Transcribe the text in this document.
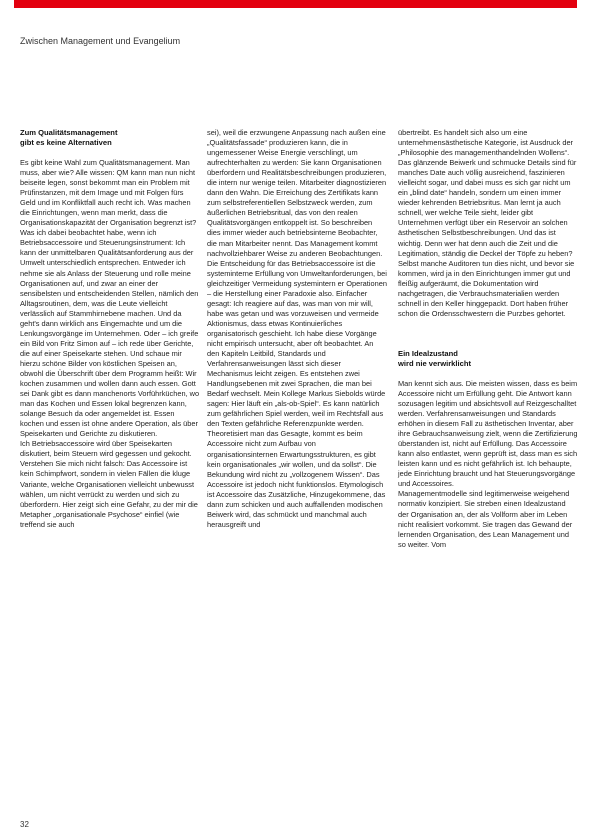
Zwischen Management und Evangelium
Zum Qualitätsmanagement
gibt es keine Alternativen

Es gibt keine Wahl zum Qualitätsmanagement. Man muss, aber wie? Alle wissen: QM kann man nun nicht beiseite legen, sonst bekommt man ein Problem mit Prüfinstanzen, mit dem Image und mit Folgen fürs Geld und im Konfliktfall auch recht ich. Was machen die Einrichtungen, wenn man merkt, dass die Organisationskapazität der Organisation begrenzt ist?

Was ich dabei beobachtet habe, wenn ich Betriebsaccessoire und Steuerungsinstrument: Ich kann der unmittelbaren Qualitätsanforderung aus der Umwelt unterschiedlich entsprechen. Entweder ich nehme sie als Anlass der Steuerung und rolle meine Organisationen auf, und zwar an einer der sensibelsten und entscheidenden Stellen, nämlich den Alltagsroutinen, dem, was die Leute vielleicht verlässlich auf Stammhirnebene machen. Und da geht's dann wirklich ans Eingemachte und um die Lenkungsvorgänge im Unternehmen. Oder – ich greife ein Bild von Fritz Simon auf – ich rede über Gerichte, die auf einer Speisekarte stehen. Und schaue mir hierzu schöne Bilder von köstlichen Speisen an, obwohl die Überschrift über dem Programm heißt: Wir kochen zusammen und wollen dann auch essen. Gott sei Dank gibt es dann manchenorts Vorführküchen, wo man das Kochen und Essen lokal begrenzen kann, solange Besuch da oder angemeldet ist. Essen kochen und essen ist ohne andere Operation, als über Speisekarten und Gerichte zu diskutieren.

Ich Betriebsaccessoire wird über Speisekarten diskutiert, beim Steuern wird gegessen und gekocht. Verstehen Sie mich nicht falsch: Das Accessoire ist kein Schimpfwort, sondern in vielen Fällen die kluge Variante, welche Organisationen vielleicht unbewusst wählen, um nicht verrückt zu werden und sich zu überfordern. Hier zeigt sich eine Gefahr, zu der mir die Metapher „organisationale Psychose“ einfiel (wie treffend sie auch

sei), weil die erzwungene Anpassung nach außen eine „Qualitätsfassade“ produzieren kann, die in ungemessener Weise Energie verschlingt, um aufrechterhalten zu werden: Sie kann Organisationen überfordern und Realitätsbeschreibungen produzieren, die intern nur wenige teilen. Mitarbeiter diagnostizieren dann den Wahn. Die Erreichung des Zertifikats kann zum selbstreferentiellen Selbstzweck werden, zum äußerlichen Betriebsritual, das von den realen Qualitätsvorgängen entkoppelt ist. So beschreiben dies immer wieder auch betriebsinterne Beobachter, die man Mitarbeiter nennt. Das Management kommt nachvollziehbarer Weise zu anderen Beobachtungen.

Die Entscheidung für das Betriebsaccessoire ist die systeminterne Erfüllung von Umweltanforderungen, bei gleichzeitiger Vermeidung systemintern er Operationen – die Herstellung einer Paradoxie also. Einfacher gesagt: Ich reagiere auf das, was man von mir will, habe was getan und was vorzuweisen und vermeide Aktionismus, dass etwas Kontinuierliches organisatorisch geschieht. Ich habe diese Vorgänge nicht empirisch untersucht, aber oft beobachtet. An den Kapiteln Leitbild, Standards und Verfahrensanweisungen lässt sich dieser Mechanismus leicht zeigen. Es entstehen zwei Handlungsebenen mit zwei Sprachen, die man bei Bedarf wechselt. Mein Kollege Markus Siebolds würde sagen: Hier läuft ein „als-ob-Spiel“. Es kann natürlich zum gefährlichen Spiel werden, weil im Rechtsfall aus den Texten gefährliche Referenzpunkte werden.

Theoretisiert man das Gesagte, kommt es beim Accessoire nicht zum Aufbau von organisationsinternen Erwartungsstrukturen, es gibt kein organisationales „wir wollen, und da sollst“. Die Bekundung wird nicht zu „vollzogenem Wissen“. Das Accessoire ist jedoch nicht funktionslos. Etymologisch ist Accessoire das Zusätzliche, Hinzugekommene, das dann zum schicken und auch auffallenden modischen Beiwerk wird, das schmückt und manchmal auch herausgreift und

übertreibt. Es handelt sich also um eine unternehmensästhetische Kategorie, ist Ausdruck der „Philosophie des managementhandelnden Wollens“. Das glänzende Beiwerk und schmucke Details sind für manches Date auch völlig ausreichend, faszinieren vielleicht sogar, und dabei muss es sich gar nicht um ein „blind date“ handeln, sondern um einen immer wieder kehrenden Betriebsritus. Man lernt ja auch schnell, wer welche Teile sieht, leider gibt Unternehmen verfügt über ein Reservoir an solchen ästhetischen Selbstbeschreibungen. Und das ist wichtig. Denn wer hat denn auch die Zeit und die Legitimation, ständig die Deckel der Töpfe zu heben? Selbst manche Auditoren tun dies nicht, und bevor sie kommen, wird ja in den Einrichtungen immer gut und fleißig aufgeräumt, die Dokumentation wird nachgetragen, die Verbrauchsmaterialien werden schnell in den Keller hinggepackt. Dort haben früher schon die Ordensschwestern die Purzbes gehortet.

Ein Idealzustand
wird nie verwirklicht

Man kennt sich aus. Die meisten wissen, dass es beim Accessoire nicht um Erfüllung geht. Die Antwort kann sozusagen legitim und absichtsvoll auf Reizgeschalltet werden. Verfahrensanweisungen und Standards erhöhen in diesem Fall zu ästhetischen Inventar, aber ihre Gebrauchsanweisung zielt, wenn die Zertifizierung überstanden ist, nicht auf Erfüllung. Das Accessoire kann also entlastet, wenn geprüft ist, dass man es sich leisten kann und es nicht gefährlich ist. Ich behaupte, jede Einrichtung braucht und hat Steuerungsvorgänge und Accessoires.

Managementmodelle sind legitimerweise weigehend normativ konzipiert. Sie streben einen Idealzustand der Organisation an, der als Vollform aber im Leben nicht realisiert vorkommt. Sie tragen das Gewand der lernenden Organisation, des Lean Management und so weiter. Vom

32
